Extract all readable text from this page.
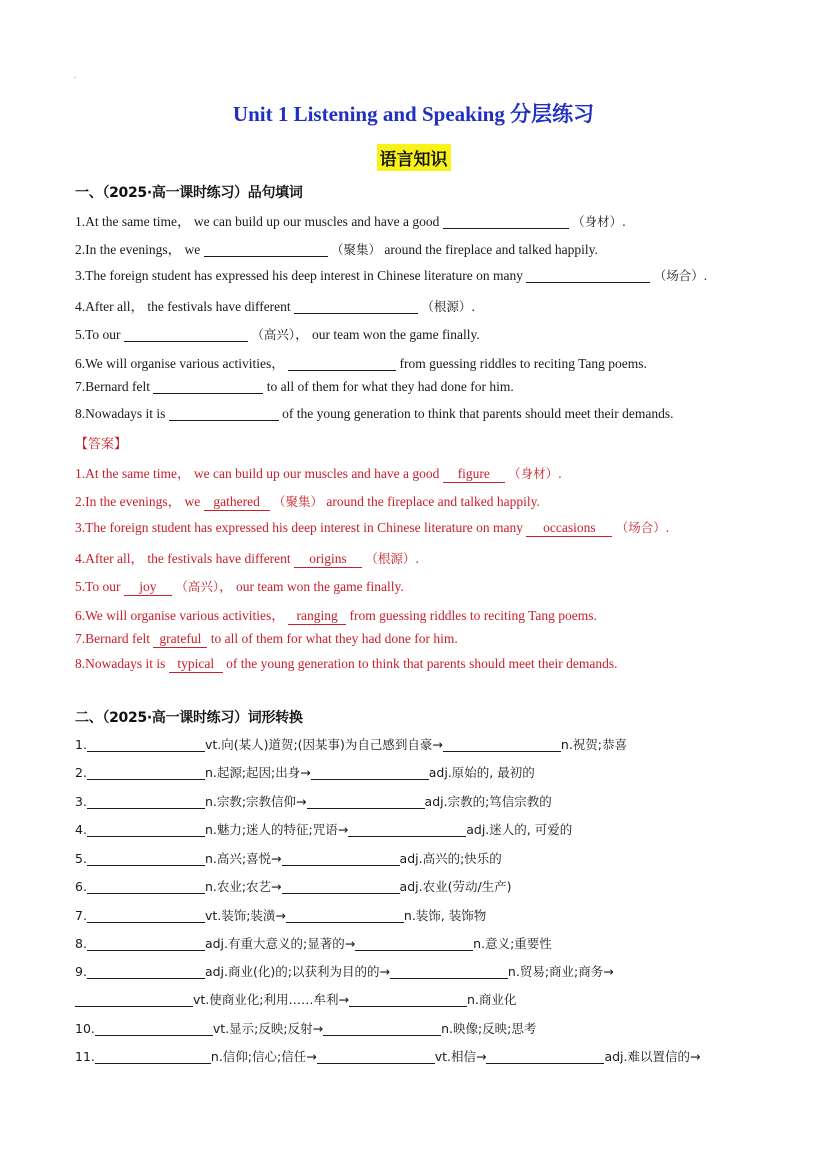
.
Unit 1 Listening and Speaking 分层练习
语言知识
一、（2025·高一课时练习）品句填词
1.At the same time， we can build up our muscles and have a good	（身材）.
2.In the evenings， we	（聚集） around the fireplace and talked happily.
3.The foreign student has expressed his deep interest in Chinese literature on many	（场合）.
4.After all， the festivals have different	（根源）.
5.To our	（高兴）， our team won the game finally.
6.We will organise various activities，	from guessing riddles to reciting Tang poems.
7.Bernard felt	to all of them for what they had done for him.
8.Nowadays it is	of the young generation to think that parents should meet their demands.
【答案】
1.At the same time， we can build up our muscles and have a good figure （身材）.
2.In the evenings， we gathered （聚集） around the fireplace and talked happily.
3.The foreign student has expressed his deep interest in Chinese literature on many occasions （场合）.
4.After all， the festivals have different origins （根源）.
5.To our joy （高兴）， our team won the game finally.
6.We will organise various activities， ranging from guessing riddles to reciting Tang poems.
7.Bernard felt grateful to all of them for what they had done for him.
8.Nowadays it is typical of the young generation to think that parents should meet their demands.
二、（2025·高一课时练习）词形转换
1.	vt.向(某人)道贺;(因某事)为自己感到自豪→	n.祝贺;恭喜
2.	n.起源;起因;出身→	adj.原始的, 最初的
3.	n.宗教;宗教信仰→	adj.宗教的;笃信宗教的
4.	n.魅力;迷人的特征;咒语→	adj.迷人的, 可爱的
5.	n.高兴;喜悦→	adj.高兴的;快乐的
6.	n.农业;农艺→	adj.农业(劳动/生产)
7.	vt.装饰;装潢→	n.装饰, 装饰物
8.	adj.有重大意义的;显著的→	n.意义;重要性
9.	adj.商业(化)的;以获利为目的的→	n.贸易;商业;商务→
vt.使商业化;利用……牟利→	n.商业化
10.	vt.显示;反映;反射→	n.映像;反映;思考
11.	n.信仰;信心;信任→	vt.相信→	adj.难以置信的→
